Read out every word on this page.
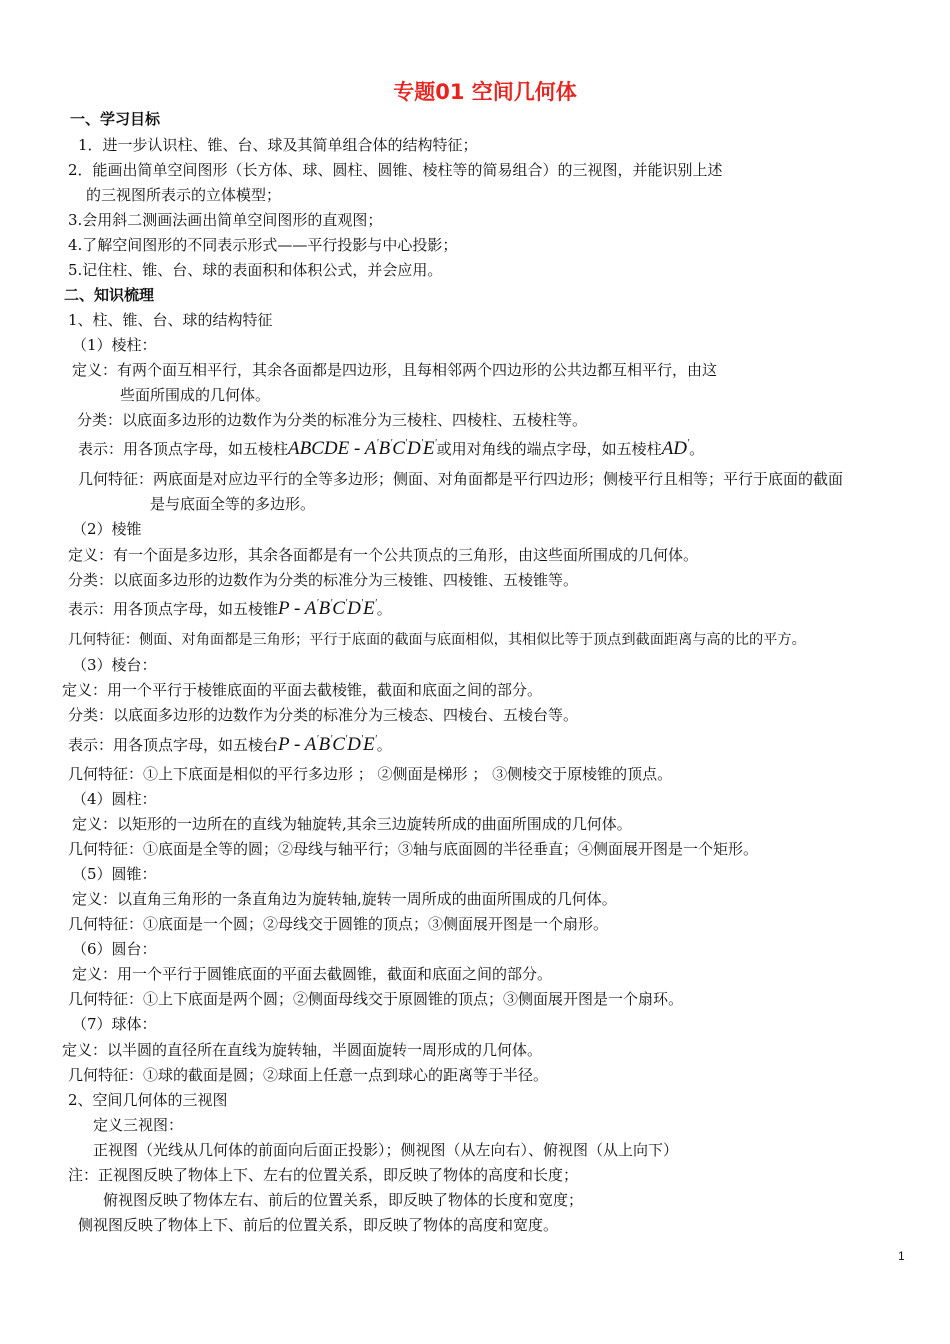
专题01 空间几何体
一、学习目标
1．进一步认识柱、锥、台、球及其简单组合体的结构特征；
2．能画出简单空间图形（长方体、球、圆柱、圆锥、棱柱等的简易组合）的三视图，并能识别上述
的三视图所表示的立体模型；
3.会用斜二测画法画出简单空间图形的直观图；
4.了解空间图形的不同表示形式——平行投影与中心投影；
5.记住柱、锥、台、球的表面积和体积公式，并会应用。
二、知识梳理
1、柱、锥、台、球的结构特征
（1）棱柱：
定义：有两个面互相平行，其余各面都是四边形，且每相邻两个四边形的公共边都互相平行，由这
些面所围成的几何体。
分类：以底面多边形的边数作为分类的标准分为三棱柱、四棱柱、五棱柱等。
表示：用各顶点字母，如五棱柱ABCDE - A'B'C'D'E'或用对角线的端点字母，如五棱柱AD'。
几何特征：两底面是对应边平行的全等多边形；侧面、对角面都是平行四边形；侧棱平行且相等；平行于底面的截面
是与底面全等的多边形。
（2）棱锥
定义：有一个面是多边形，其余各面都是有一个公共顶点的三角形，由这些面所围成的几何体。
分类：以底面多边形的边数作为分类的标准分为三棱锥、四棱锥、五棱锥等。
表示：用各顶点字母，如五棱锥P - A'B'C'D'E'。
几何特征：侧面、对角面都是三角形；平行于底面的截面与底面相似，其相似比等于顶点到截面距离与高的比的平方。
（3）棱台：
定义：用一个平行于棱锥底面的平面去截棱锥，截面和底面之间的部分。
分类：以底面多边形的边数作为分类的标准分为三棱态、四棱台、五棱台等。
表示：用各顶点字母，如五棱台P - A'B'C'D'E'。
几何特征：①上下底面是相似的平行多边形 ； ②侧面是梯形 ； ③侧棱交于原棱锥的顶点。
（4）圆柱：
定义：以矩形的一边所在的直线为轴旋转,其余三边旋转所成的曲面所围成的几何体。
几何特征：①底面是全等的圆；②母线与轴平行；③轴与底面圆的半径垂直；④侧面展开图是一个矩形。
（5）圆锥：
定义：以直角三角形的一条直角边为旋转轴,旋转一周所成的曲面所围成的几何体。
几何特征：①底面是一个圆；②母线交于圆锥的顶点；③侧面展开图是一个扇形。
（6）圆台：
定义：用一个平行于圆锥底面的平面去截圆锥，截面和底面之间的部分。
几何特征：①上下底面是两个圆；②侧面母线交于原圆锥的顶点；③侧面展开图是一个扇环。
（7）球体：
定义：以半圆的直径所在直线为旋转轴，半圆面旋转一周形成的几何体。
几何特征：①球的截面是圆；②球面上任意一点到球心的距离等于半径。
2、空间几何体的三视图
定义三视图：
正视图（光线从几何体的前面向后面正投影）；侧视图（从左向右）、俯视图（从上向下）
注：正视图反映了物体上下、左右的位置关系，即反映了物体的高度和长度；
俯视图反映了物体左右、前后的位置关系，即反映了物体的长度和宽度；
侧视图反映了物体上下、前后的位置关系，即反映了物体的高度和宽度。
1
